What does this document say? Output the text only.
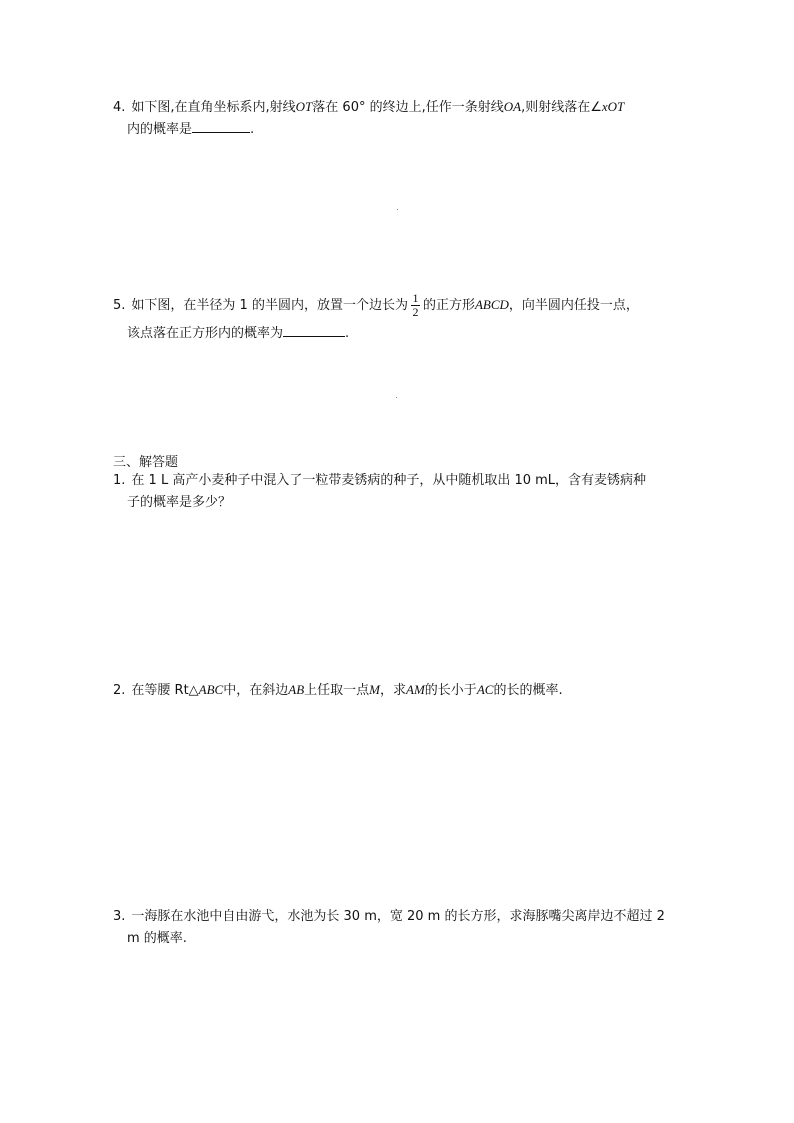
4. 如下图,在直角坐标系内,射线OT落在 60° 的终边上,任作一条射线OA,则射线落在∠xOT
内的概率是	.
5. 如下图，在半径为 1 的半圆内，放置一个边长为 $\frac{1}{2}$ 的正方形ABCD，向半圆内任投一点，
该点落在正方形内的概率为	.
三、解答题
1. 在 1 L 高产小麦种子中混入了一粒带麦锈病的种子，从中随机取出 10 mL，含有麦锈病种
子的概率是多少？
2. 在等腰 Rt△ABC中，在斜边AB上任取一点M，求AM的长小于AC的长的概率.
3. 一海豚在水池中自由游弋，水池为长 30 m，宽 20 m 的长方形，求海豚嘴尖离岸边不超过 2
m 的概率.
